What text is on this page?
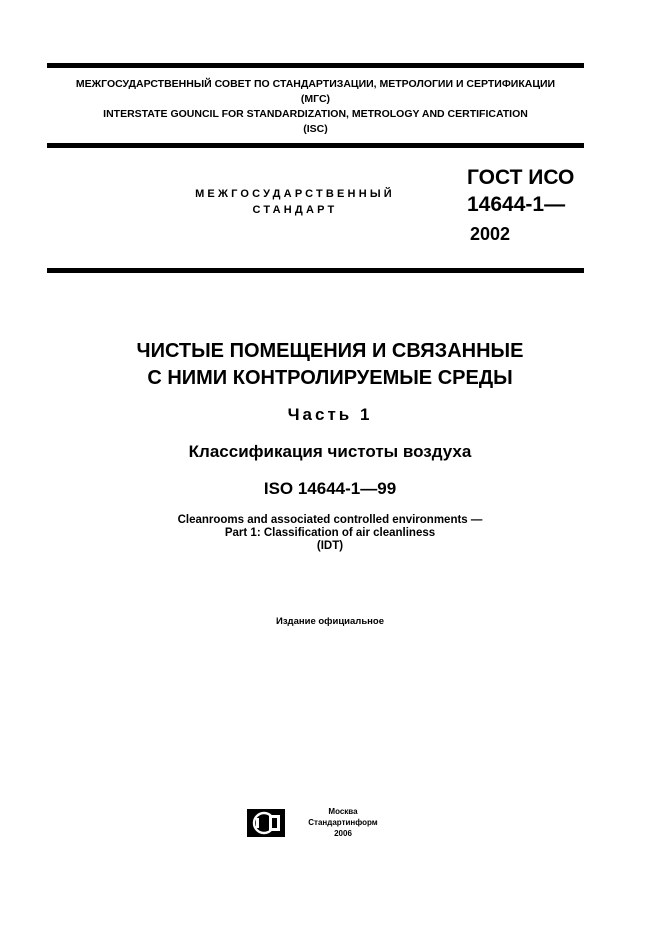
МЕЖГОСУДАРСТВЕННЫЙ СОВЕТ ПО СТАНДАРТИЗАЦИИ, МЕТРОЛОГИИ И СЕРТИФИКАЦИИ
(МГС)
INTERSTATE GOUNCIL FOR STANDARDIZATION, METROLOGY AND CERTIFICATION
(ISC)
МЕЖГОСУДАРСТВЕННЫЙ
СТАНДАРТ
ГОСТ ИСО
14644-1—
2002
ЧИСТЫЕ ПОМЕЩЕНИЯ И СВЯЗАННЫЕ
С НИМИ КОНТРОЛИРУЕМЫЕ СРЕДЫ
Часть 1
Классификация чистоты воздуха
ISO 14644-1—99
Cleanrooms and associated controlled environments —
Part 1: Classification of air cleanliness
(IDT)
Издание официальное
Москва
Стандартинформ
2006
